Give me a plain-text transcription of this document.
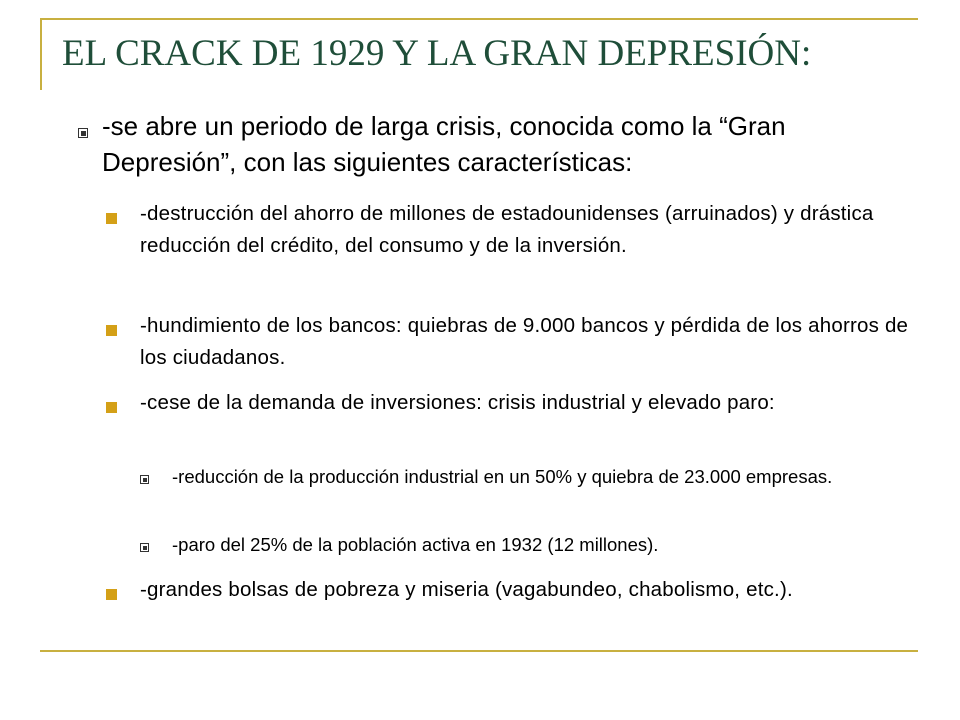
EL CRACK DE 1929 Y LA GRAN DEPRESIÓN:
-se abre un periodo de larga crisis, conocida como la “Gran Depresión”, con las siguientes características:
-destrucción del ahorro de millones de estadounidenses (arruinados) y drástica reducción del crédito, del consumo y de la inversión.
-hundimiento de los bancos: quiebras de 9.000 bancos y pérdida de los ahorros de los ciudadanos.
-cese de la demanda de inversiones: crisis industrial y elevado paro:
-reducción de la producción industrial en un 50% y quiebra de 23.000 empresas.
-paro del 25% de la población activa en 1932 (12 millones).
-grandes bolsas de pobreza y miseria (vagabundeo, chabolismo, etc.).
